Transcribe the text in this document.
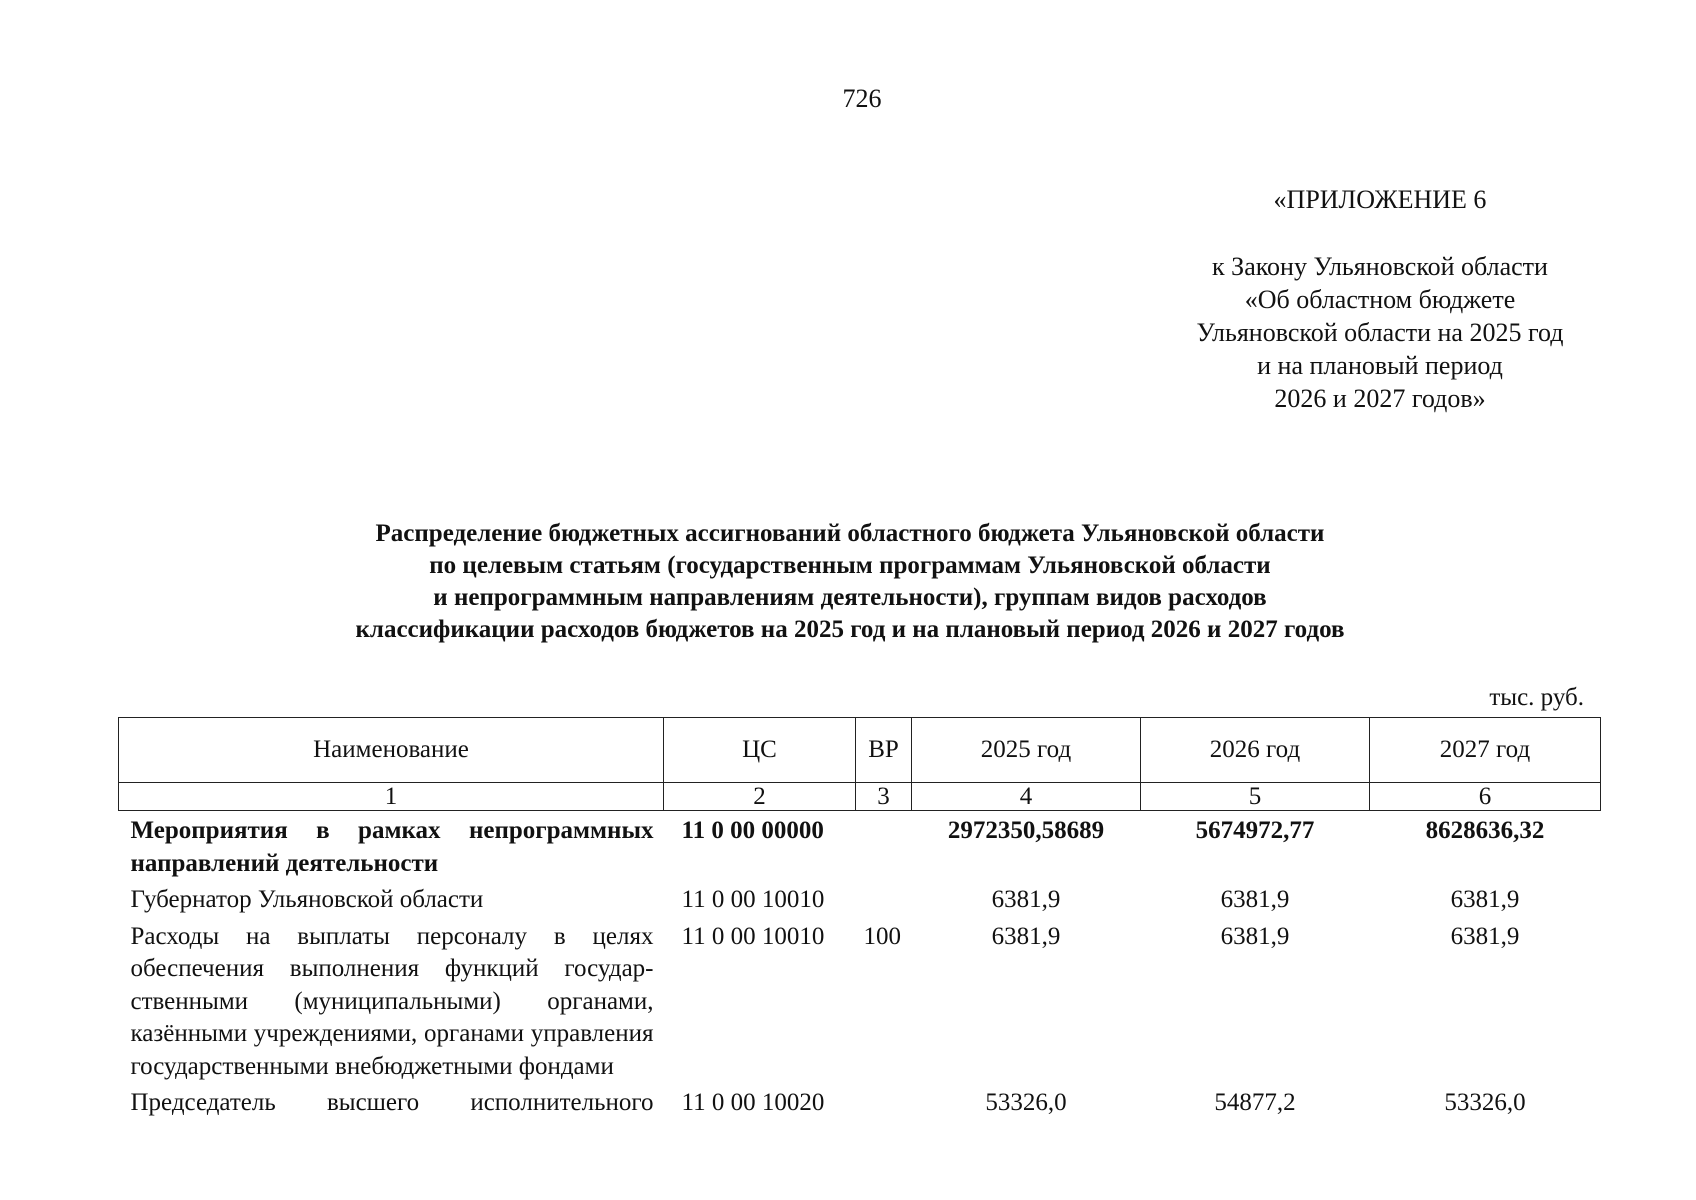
726
«ПРИЛОЖЕНИЕ 6
к Закону Ульяновской области
«Об областном бюджете
Ульяновской области на 2025 год
и на плановый период
2026 и 2027 годов»
Распределение бюджетных ассигнований областного бюджета Ульяновской области
по целевым статьям (государственным программам Ульяновской области
и непрограммным направлениям деятельности), группам видов расходов
классификации расходов бюджетов на 2025 год и на плановый период 2026 и 2027 годов
тыс. руб.
Наименование	ЦС	ВР	2025 год	2026 год	2027 год
1	2	3	4	5	6
Мероприятия в рамках непрограммных направлений деятельности	11 0 00 00000		2972350,58689	5674972,77	8628636,32
Губернатор Ульяновской области	11 0 00 10010		6381,9	6381,9	6381,9
Расходы на выплаты персоналу в целях обеспечения выполнения функций государственными (муниципальными) органами, казёнными учреждениями, органами управления государственными внебюджетными фондами	11 0 00 10010	100	6381,9	6381,9	6381,9
Председатель высшего исполнительного	11 0 00 10020		53326,0	54877,2	53326,0
